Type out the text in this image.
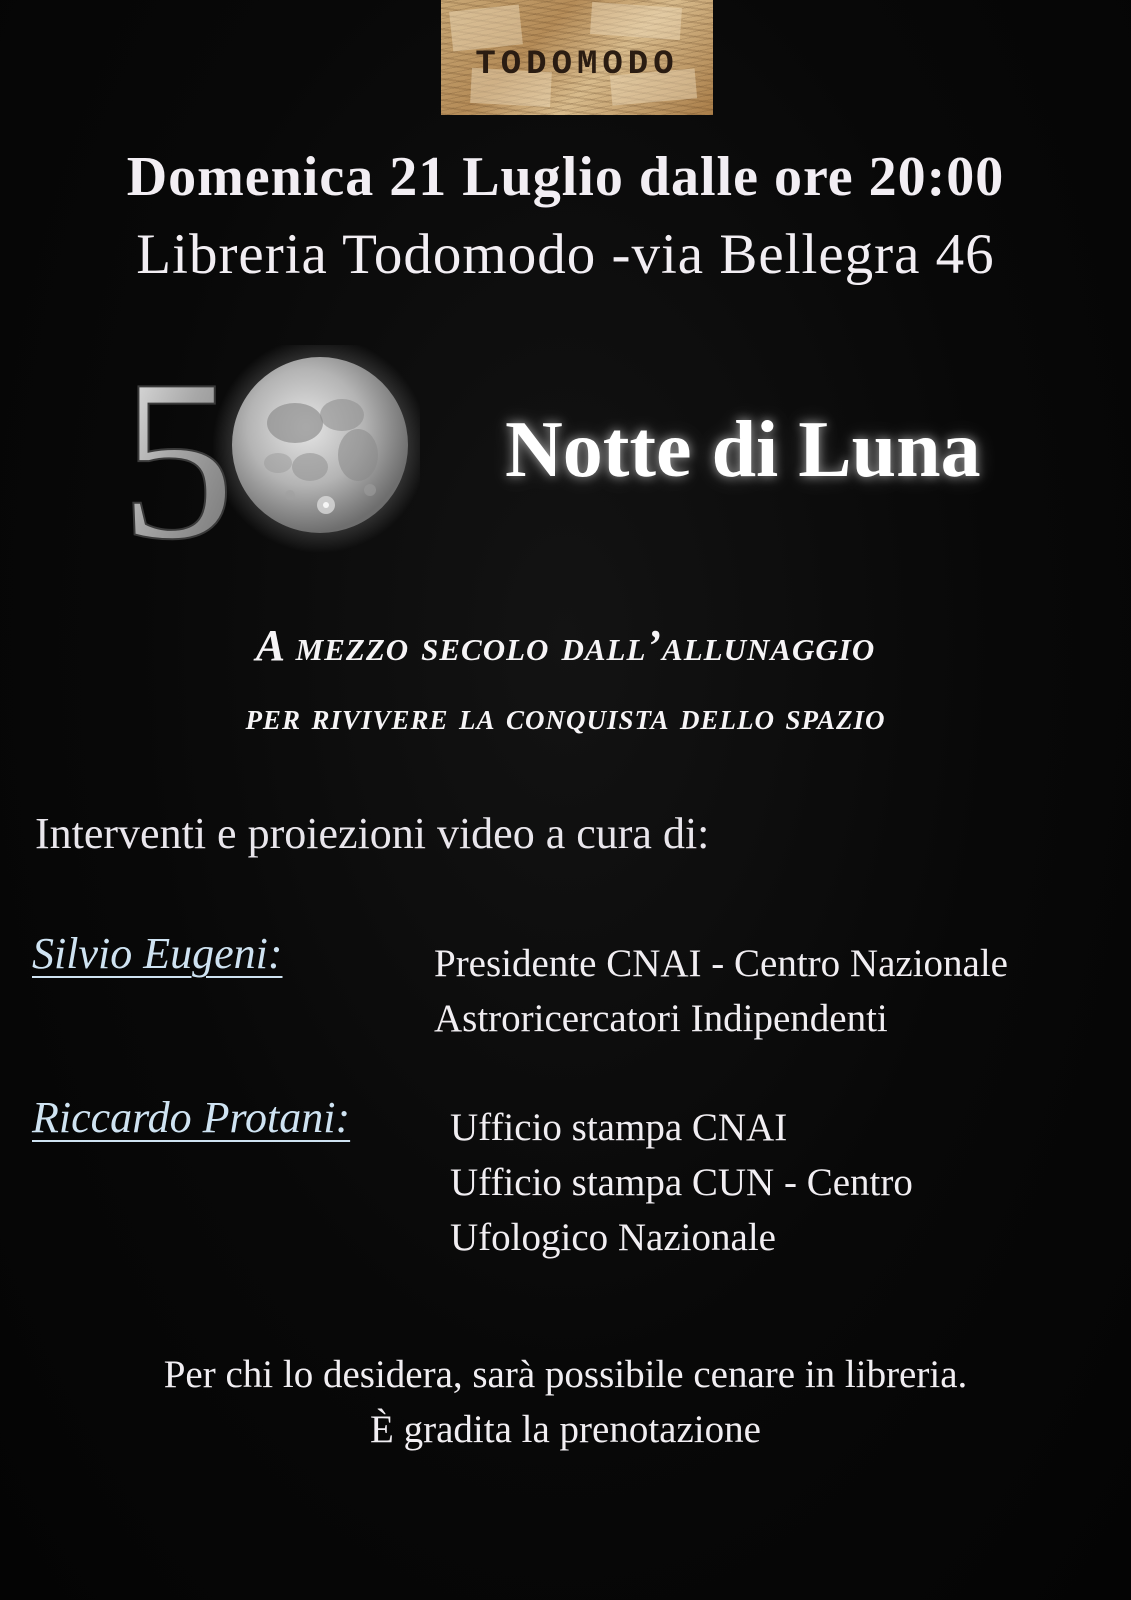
TODOMODO
Domenica 21 Luglio dalle ore 20:00
Libreria Todomodo -via Bellegra 46
5	Notte di Luna
A mezzo secolo dall’allunaggio
per rivivere la conquista dello spazio
Interventi e proiezioni video a cura di:
Silvio Eugeni:	Presidente CNAI - Centro Nazionale
Astroricercatori Indipendenti
Riccardo Protani:	Ufficio stampa CNAI
Ufficio stampa CUN - Centro
Ufologico Nazionale
Per chi lo desidera, sarà possibile cenare in libreria.
È gradita la prenotazione
